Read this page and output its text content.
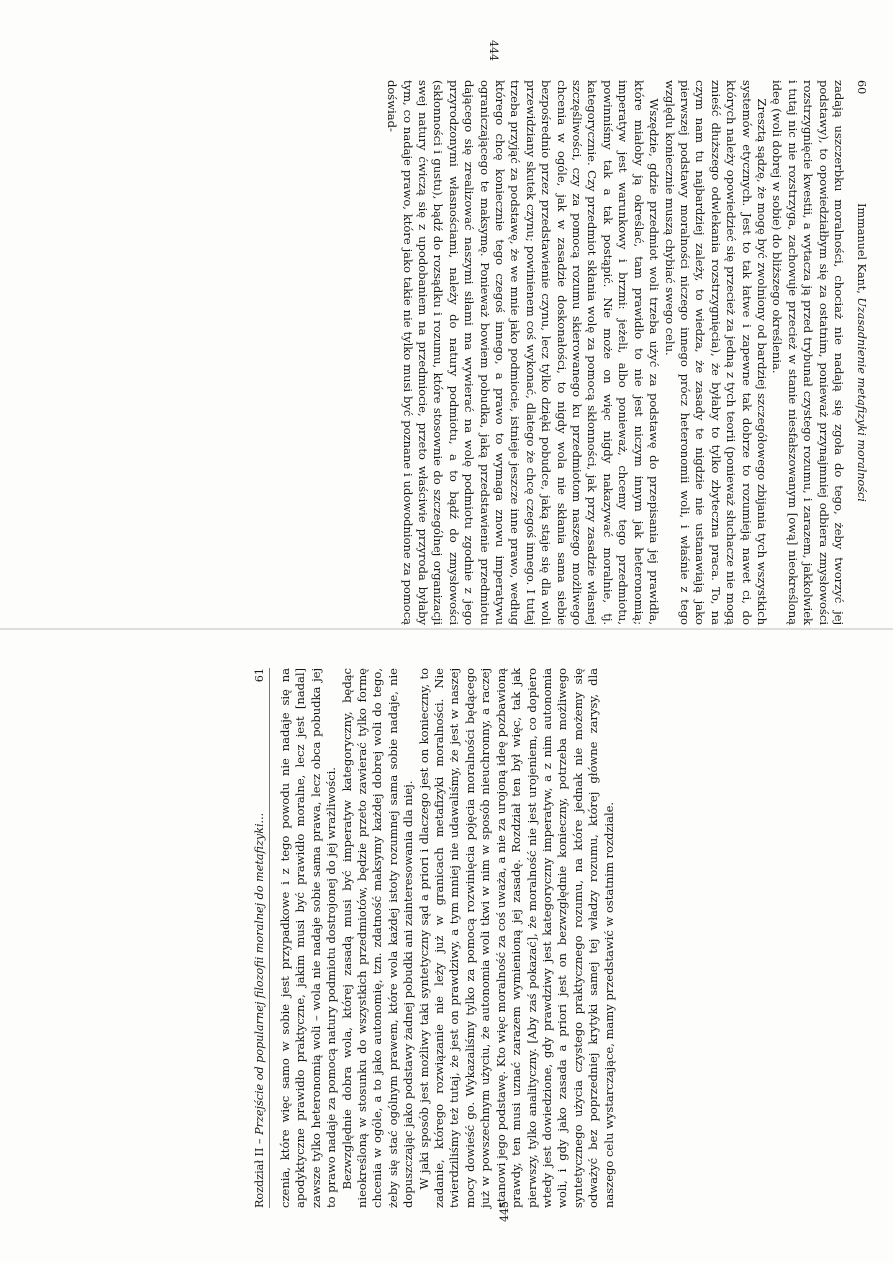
60
Immanuel Kant, Uzasadnienie metafizyki moralności

zadają uszczerbku moralności, chociaż nie nadają się zgoła do tego, żeby tworzyć jej podstawy), to opowiedziałbym się za ostatnim, ponieważ przynajmniej odbiera zmysłowości rozstrzygnięcie kwestii, a wytacza ją przed trybunał czystego rozumu, i zarazem, jakkolwiek i tutaj nic nie rozstrzyga, zachowuje przecież w stanie niesfałszowanym [ową] nieokreśloną ideę (woli dobrej w sobie) do bliższego określenia.

Zresztą sądzę, że mogę być zwolniony od bardziej szczegółowego zbijania tych wszystkich systemów etycznych. Jest to tak łatwe i zapewne tak dobrze to rozumieją nawet ci, do których należy opowiedzieć się przecież za jedną z tych teorii (ponieważ słuchacze nie mogą znieść dłuższego odwlekania rozstrzygnięcia), że byłaby to tylko zbyteczna praca. To, na czym nam tu najbardziej zależy, to wiedza, że zasady te nigdzie nie ustanawiają jako pierwszej podstawy moralności niczego innego prócz heteronomii woli, i właśnie z tego względu koniecznie muszą chybiać swego celu.

Wszędzie, gdzie przedmiot woli trzeba użyć za podstawę do przepisania jej prawidła, które miałoby ją określać, tam prawidło to nie jest niczym innym jak heteronomią; imperatyw jest warunkowy i brzmi: jeżeli, albo ponieważ, chcemy tego przedmiotu, powinniśmy tak a tak postąpić. Nie może on więc nigdy nakazywać moralnie, tj. kategorycznie. Czy przedmiot skłania wolę za pomocą skłonności, jak przy zasadzie własnej szczęśliwości, czy za pomocą rozumu skierowanego ku przedmiotom naszego możliwego chcenia w ogóle, jak w zasadzie doskonałości, to nigdy wola nie skłania sama siebie bezpośrednio przez przedstawienie czynu, lecz tylko dzięki pobudce, jaką staje się dla woli przewidziany skutek czynu; powinienem coś wykonać, dlatego że chcę czegoś innego. I tutaj trzeba przyjąć za podstawę, że we mnie jako podmiocie, istnieje jeszcze inne prawo, według którego chcę koniecznie tego czegoś innego, a prawo to wymaga znowu imperatywu ograniczającego te maksymę. Ponieważ bowiem pobudka, jaką przedstawienie przedmiotu dającego się zrealizować naszymi siłami ma wywierać na wolę podmiotu zgodnie z jego przyrodzonymi własnościami, należy do natury podmiotu, a to bądź do zmysłowości (skłonności i gustu), bądź do rozsądku i rozumu, które stosownie do szczególnej organizacji swej natury ćwiczą się z upodobaniem na przedmiocie, przeto właściwie przyroda byłaby tym, co nadaje prawo, które jako takie nie tylko musi być poznane i udowodnione za pomocą doświad-

444
Rozdział II – Przejście od popularnej filozofii moralnej do metafizyki...
61 czenia, które więc samo w sobie jest przypadkowe i z tego powodu nie nadaje się na apodyktyczne prawidło praktyczne, jakim musi być prawidło moralne, lecz jest [nadal] zawsze tylko heteronomią woli – wola nie nadaje sobie sama prawa, lecz obca pobudka jej to prawo nadaje za pomocą natury podmiotu dostrojonej do jej wrażliwości. Bezwzględnie dobra wola, której zasadą musi być imperatyw kategoryczny, będąc nieokreśloną w stosunku do wszystkich przedmiotów, będzie przeto zawierać tylko formę chcenia w ogóle, a to jako autonomię, tzn. zdatność maksymy każdej dobrej woli do tego, żeby się stać ogólnym prawem, które wola każdej istoty rozumnej sama sobie nadaje, nie dopuszczając jako podstawy żadnej pobudki ani zainteresowania dla niej. W jaki sposób jest możliwy taki syntetyczny sąd a priori i dlaczego jest on konieczny, to zadanie, którego rozwiązanie nie leży już w granicach metafizyki moralności. Nie twierdziliśmy też tutaj, że jest on prawdziwy, a tym mniej nie udawaliśmy, że jest w naszej mocy dowieść go. Wykazaliśmy tylko za pomocą rozwinięcia pojęcia moralności będącego już w powszechnym użyciu, że autonomia woli tkwi w nim w sposób nieuchronny, a raczej stanowi jego podstawę. Kto więc moralność za coś uważa, a nie za urojoną ideę pozbawioną prawdy, ten musi uznać zarazem wymienioną jej zasadę. Rozdział ten był więc, tak jak pierwszy, tylko analityczny. [Aby zaś pokazać], że moralność nie jest urojeniem, co dopiero wtedy jest dowiedzione, gdy prawdziwy jest kategoryczny imperatyw, a z nim autonomia woli, i gdy jako zasada a priori jest on bezwzględnie konieczny, potrzeba możliwego syntetycznego użycia czystego praktycznego rozumu, na które jednak nie możemy się odważyć bez poprzedniej krytyki samej tej władzy rozumu, której główne zarysy, dla naszego celu wystarczające, mamy przedstawić w ostatnim rozdziale.

445
